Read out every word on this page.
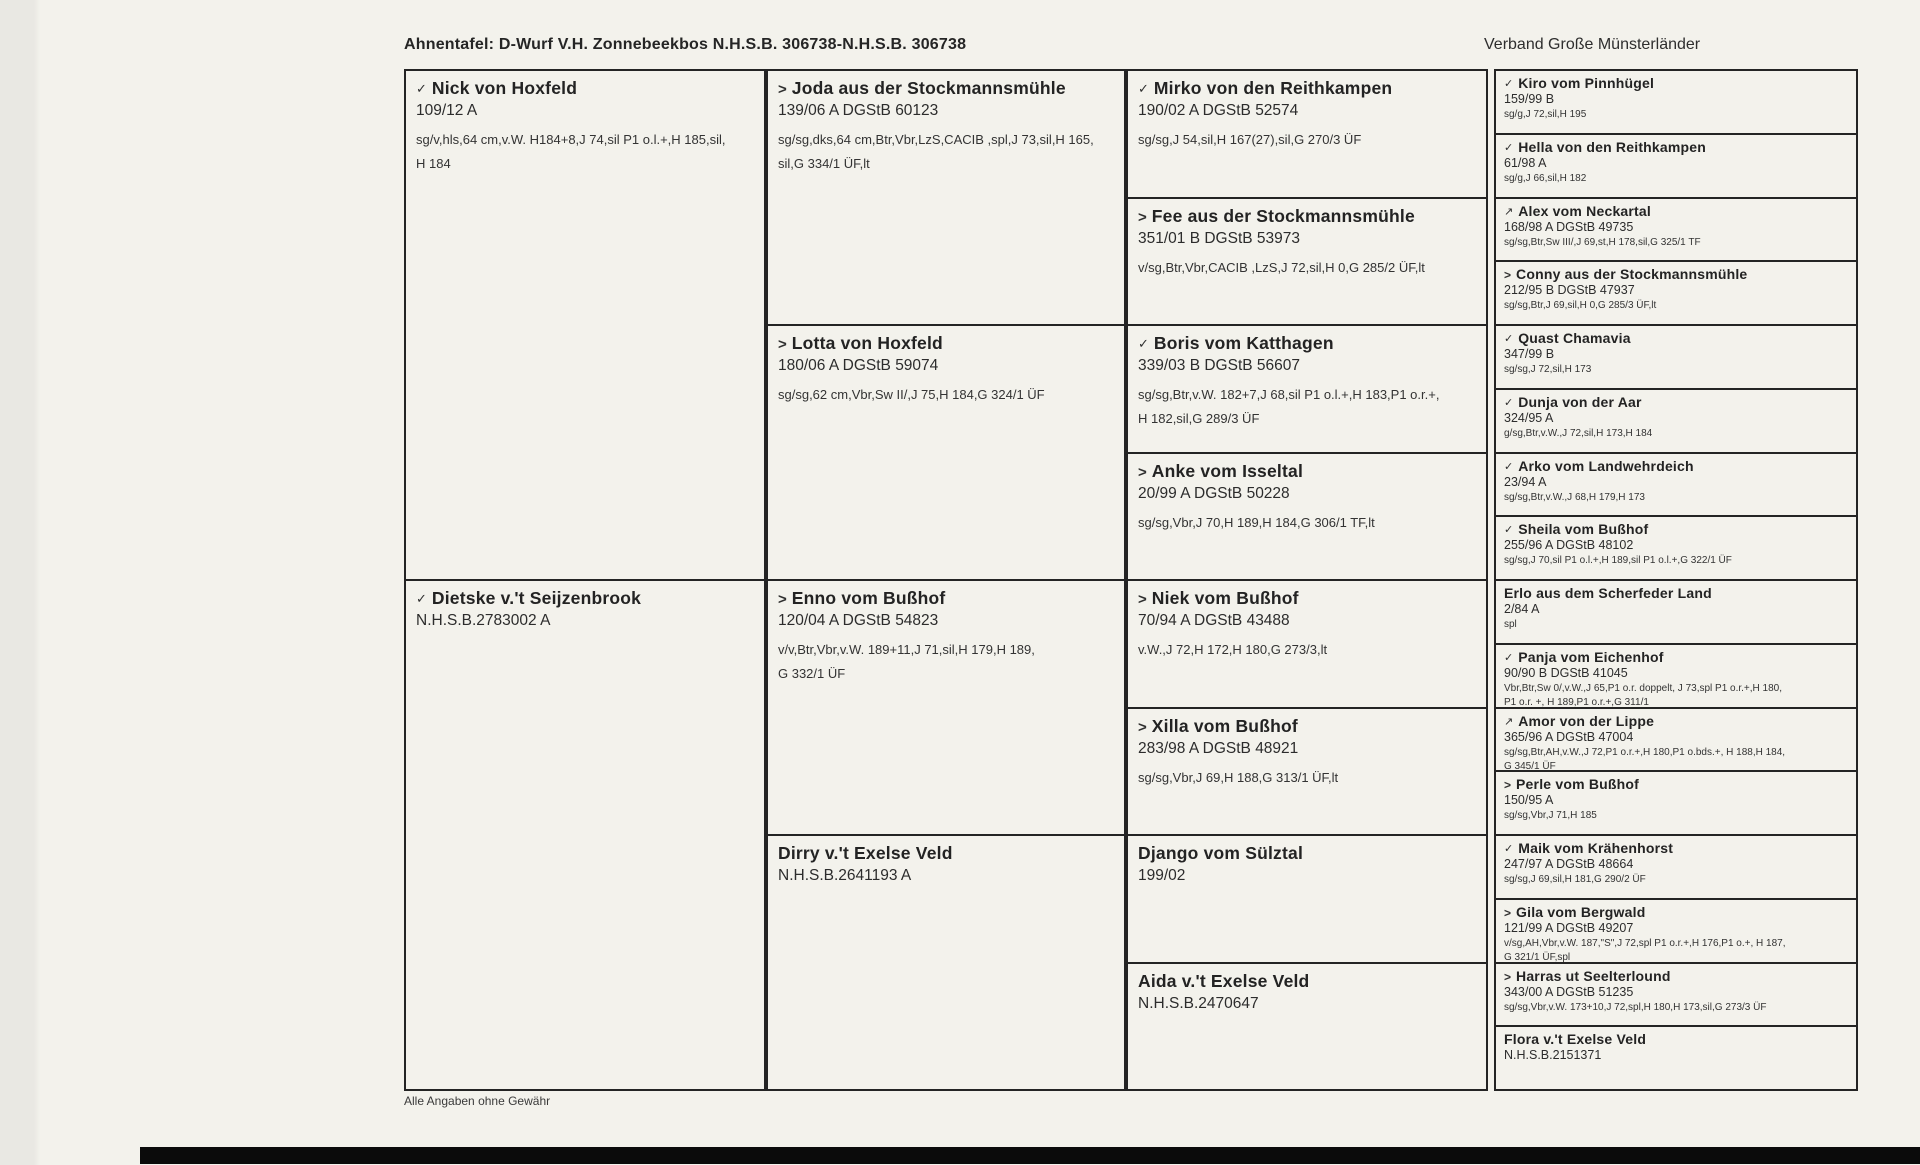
Ahnentafel: D-Wurf V.H. Zonnebeekbos N.H.S.B. 306738-N.H.S.B. 306738	Verband Große Münsterländer
✓ Nick von Hoxfeld
109/12 A
sg/v,hls,64 cm,v.W. H184+8,J 74,sil P1 o.l.+,H 185,sil,
H 184
✓ Dietske v.'t Seijzenbrook
N.H.S.B.2783002 A
> Joda aus der Stockmannsmühle
139/06 A DGStB 60123
sg/sg,dks,64 cm,Btr,Vbr,LzS,CACIB ,spl,J 73,sil,H 165,
sil,G 334/1 ÜF,lt
> Lotta von Hoxfeld
180/06 A DGStB 59074
sg/sg,62 cm,Vbr,Sw II/,J 75,H 184,G 324/1 ÜF
> Enno vom Bußhof
120/04 A DGStB 54823
v/v,Btr,Vbr,v.W. 189+11,J 71,sil,H 179,H 189,
G 332/1 ÜF
Dirry v.'t Exelse Veld
N.H.S.B.2641193 A
✓ Mirko von den Reithkampen
190/02 A DGStB 52574
sg/sg,J 54,sil,H 167(27),sil,G 270/3 ÜF
> Fee aus der Stockmannsmühle
351/01 B DGStB 53973
v/sg,Btr,Vbr,CACIB ,LzS,J 72,sil,H 0,G 285/2 ÜF,lt
✓ Boris vom Katthagen
339/03 B DGStB 56607
sg/sg,Btr,v.W. 182+7,J 68,sil P1 o.l.+,H 183,P1 o.r.+,
H 182,sil,G 289/3 ÜF
> Anke vom Isseltal
20/99 A DGStB 50228
sg/sg,Vbr,J 70,H 189,H 184,G 306/1 TF,lt
> Niek vom Bußhof
70/94 A DGStB 43488
v.W.,J 72,H 172,H 180,G 273/3,lt
> Xilla vom Bußhof
283/98 A DGStB 48921
sg/sg,Vbr,J 69,H 188,G 313/1 ÜF,lt
Django vom Sülztal
199/02
Aida v.'t Exelse Veld
N.H.S.B.2470647
✓ Kiro vom Pinnhügel
159/99 B
sg/g,J 72,sil,H 195
✓ Hella von den Reithkampen
61/98 A
sg/g,J 66,sil,H 182
↗ Alex vom Neckartal
168/98 A DGStB 49735
sg/sg,Btr,Sw III/,J 69,st,H 178,sil,G 325/1 TF
> Conny aus der Stockmannsmühle
212/95 B DGStB 47937
sg/sg,Btr,J 69,sil,H 0,G 285/3 ÜF,lt
✓ Quast Chamavia
347/99 B
sg/sg,J 72,sil,H 173
✓ Dunja von der Aar
324/95 A
g/sg,Btr,v.W.,J 72,sil,H 173,H 184
✓ Arko vom Landwehrdeich
23/94 A
sg/sg,Btr,v.W.,J 68,H 179,H 173
✓ Sheila vom Bußhof
255/96 A DGStB 48102
sg/sg,J 70,sil P1 o.l.+,H 189,sil P1 o.l.+,G 322/1 ÜF
Erlo aus dem Scherfeder Land
2/84 A
spl
✓ Panja vom Eichenhof
90/90 B DGStB 41045
Vbr,Btr,Sw 0/,v.W.,J 65,P1 o.r. doppelt, J 73,spl P1 o.r.+,H 180,
P1 o.r. +, H 189,P1 o.r.+,G 311/1
↗ Amor von der Lippe
365/96 A DGStB 47004
sg/sg,Btr,AH,v.W.,J 72,P1 o.r.+,H 180,P1 o.bds.+, H 188,H 184,
G 345/1 ÜF
> Perle vom Bußhof
150/95 A
sg/sg,Vbr,J 71,H 185
✓ Maik vom Krähenhorst
247/97 A DGStB 48664
sg/sg,J 69,sil,H 181,G 290/2 ÜF
> Gila vom Bergwald
121/99 A DGStB 49207
v/sg,AH,Vbr,v.W. 187,"S",J 72,spl P1 o.r.+,H 176,P1 o.+, H 187,
G 321/1 ÜF,spl
> Harras ut Seelterlound
343/00 A DGStB 51235
sg/sg,Vbr,v.W. 173+10,J 72,spl,H 180,H 173,sil,G 273/3 ÜF
Flora v.'t Exelse Veld
N.H.S.B.2151371
Alle Angaben ohne Gewähr
